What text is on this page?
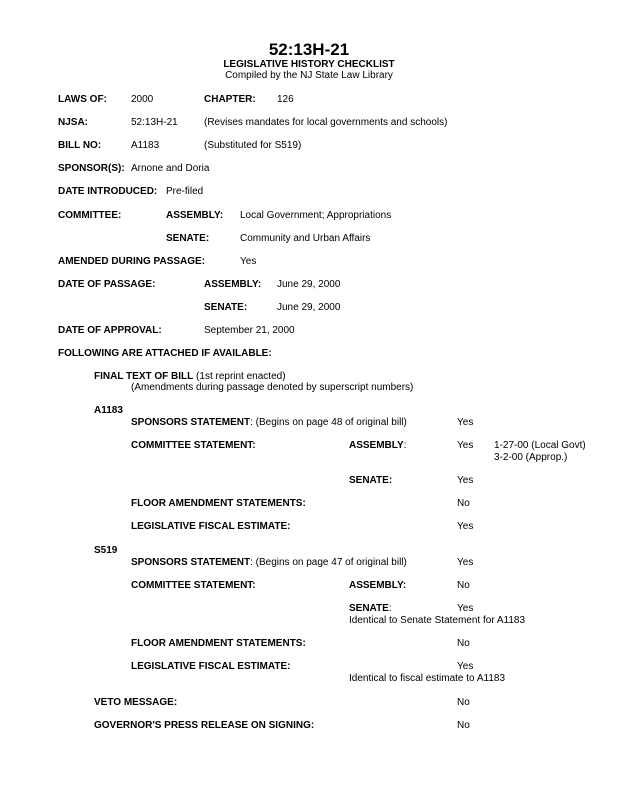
52:13H-21
LEGISLATIVE HISTORY CHECKLIST
Compiled by the NJ State Law Library
LAWS OF: 2000	CHAPTER: 126
NJSA:	52:13H-21	(Revises mandates for local governments and schools)
BILL NO:	A1183	(Substituted for S519)
SPONSOR(S): Arnone and Doria
DATE INTRODUCED: Pre-filed
COMMITTEE:	ASSEMBLY: Local Government; Appropriations
SENATE:	Community and Urban Affairs
AMENDED DURING PASSAGE:	Yes
DATE OF PASSAGE:	ASSEMBLY: June 29, 2000
SENATE:	June 29, 2000
DATE OF APPROVAL:	September 21, 2000
FOLLOWING ARE ATTACHED IF AVAILABLE:
FINAL TEXT OF BILL (1st reprint enacted)
(Amendments during passage denoted by superscript numbers)
A1183
SPONSORS STATEMENT: (Begins on page 48 of original bill)	Yes
COMMITTEE STATEMENT:	ASSEMBLY:	Yes 1-27-00 (Local Govt)
3-2-00 (Approp.)
SENATE:	Yes
FLOOR AMENDMENT STATEMENTS:	No
LEGISLATIVE FISCAL ESTIMATE:	Yes
S519
SPONSORS STATEMENT: (Begins on page 47 of original bill)	Yes
COMMITTEE STATEMENT:	ASSEMBLY:	No
SENATE:	Yes
Identical to Senate Statement for A1183
FLOOR AMENDMENT STATEMENTS:	No
LEGISLATIVE FISCAL ESTIMATE:	Yes
Identical to fiscal estimate to A1183
VETO MESSAGE:	No
GOVERNOR'S PRESS RELEASE ON SIGNING:	No
